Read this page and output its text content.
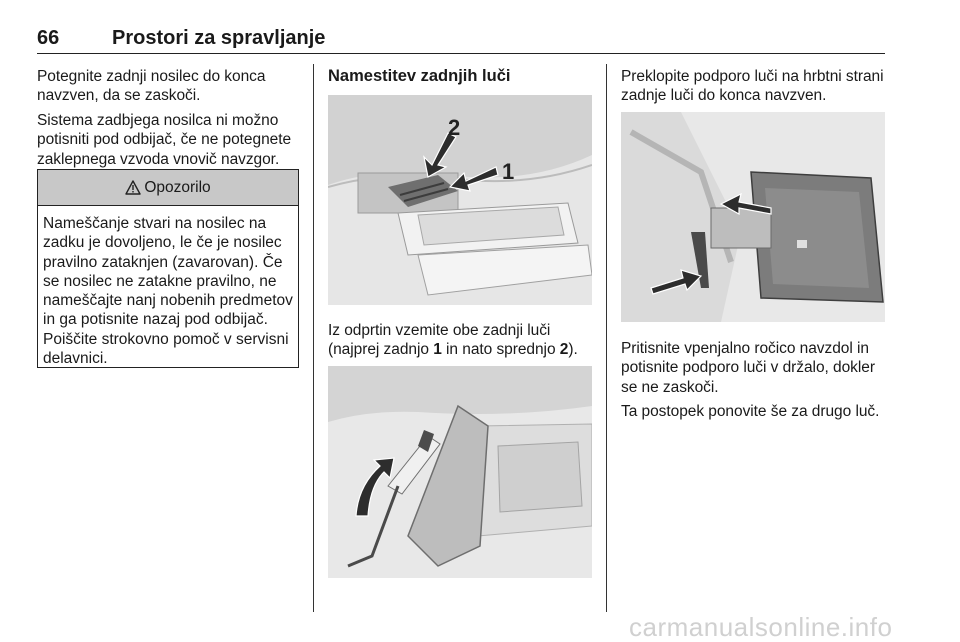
66	Prostori za spravljanje
Potegnite zadnji nosilec do konca navzven, da se zaskoči.
Sistema zadbjega nosilca ni možno potisniti pod odbijač, če ne potegnete zaklepnega vzvoda vnovič navzgor.
Opozorilo
Nameščanje stvari na nosilec na zadku je dovoljeno, le če je nosilec pravilno zataknjen (zavarovan). Če se nosilec ne zatakne pravilno, ne nameščajte nanj nobenih predmetov in ga potisnite nazaj pod odbijač. Poiščite strokovno pomoč v servisni delavnici.
Namestitev zadnjih luči
2
1
Iz odprtin vzemite obe zadnji luči (najprej zadnjo 1 in nato sprednjo 2).
Preklopite podporo luči na hrbtni strani zadnje luči do konca navzven.
Pritisnite vpenjalno ročico navzdol in potisnite podporo luči v držalo, dokler se ne zaskoči.
Ta postopek ponovite še za drugo luč.
carmanualsonline.info
